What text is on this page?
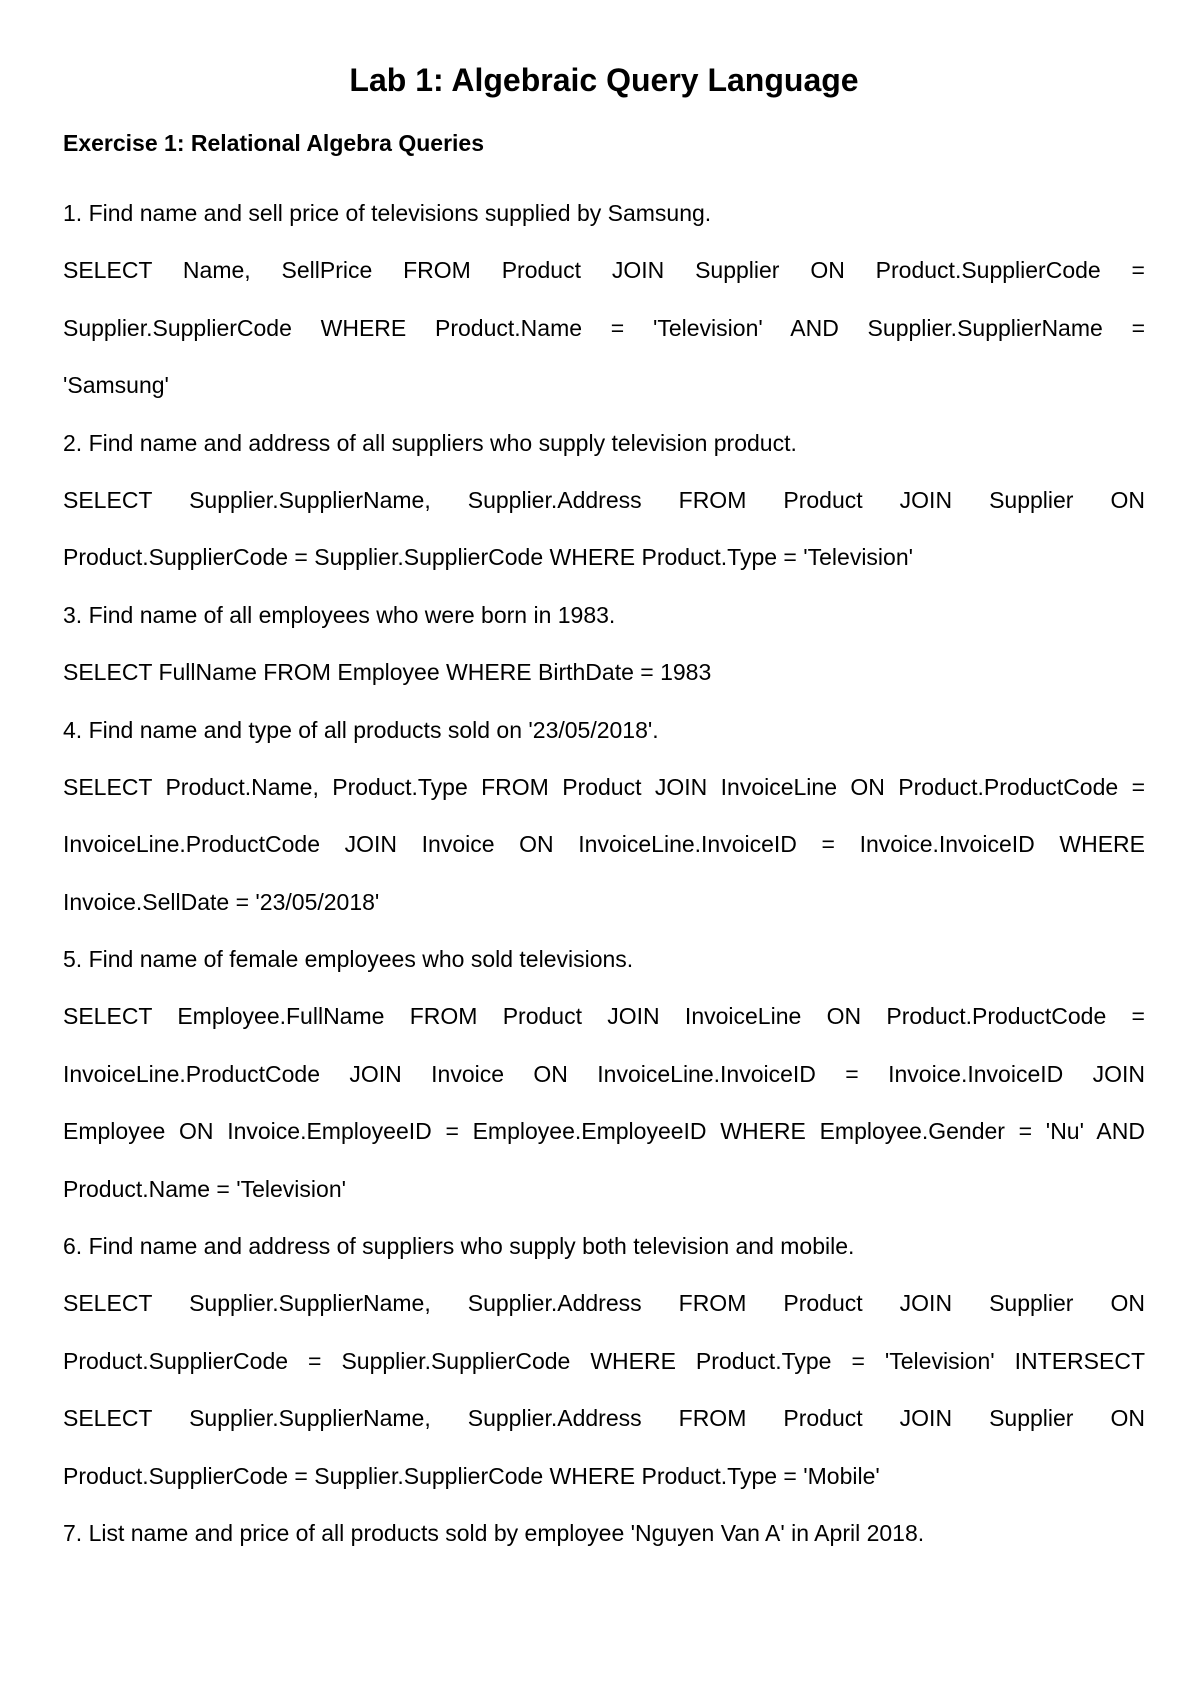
Lab 1: Algebraic Query Language
Exercise 1: Relational Algebra Queries

1. Find name and sell price of televisions supplied by Samsung.

SELECT Name, SellPrice FROM Product JOIN Supplier ON Product.SupplierCode =

Supplier.SupplierCode WHERE Product.Name = 'Television' AND Supplier.SupplierName =

'Samsung'

2. Find name and address of all suppliers who supply television product.

SELECT Supplier.SupplierName, Supplier.Address FROM Product JOIN Supplier ON

Product.SupplierCode = Supplier.SupplierCode WHERE Product.Type = 'Television'

3. Find name of all employees who were born in 1983.

SELECT FullName FROM Employee WHERE BirthDate = 1983

4. Find name and type of all products sold on '23/05/2018'.

SELECT Product.Name, Product.Type FROM Product JOIN InvoiceLine ON Product.ProductCode =

InvoiceLine.ProductCode JOIN Invoice ON InvoiceLine.InvoiceID = Invoice.InvoiceID WHERE

Invoice.SellDate = '23/05/2018'

5. Find name of female employees who sold televisions.

SELECT Employee.FullName FROM Product JOIN InvoiceLine ON Product.ProductCode =

InvoiceLine.ProductCode JOIN Invoice ON InvoiceLine.InvoiceID = Invoice.InvoiceID JOIN

Employee ON Invoice.EmployeeID = Employee.EmployeeID WHERE Employee.Gender = 'Nu' AND

Product.Name = 'Television'

6. Find name and address of suppliers who supply both television and mobile.

SELECT Supplier.SupplierName, Supplier.Address FROM Product JOIN Supplier ON

Product.SupplierCode = Supplier.SupplierCode WHERE Product.Type = 'Television' INTERSECT

SELECT Supplier.SupplierName, Supplier.Address FROM Product JOIN Supplier ON

Product.SupplierCode = Supplier.SupplierCode WHERE Product.Type = 'Mobile'

7. List name and price of all products sold by employee 'Nguyen Van A' in April 2018.
